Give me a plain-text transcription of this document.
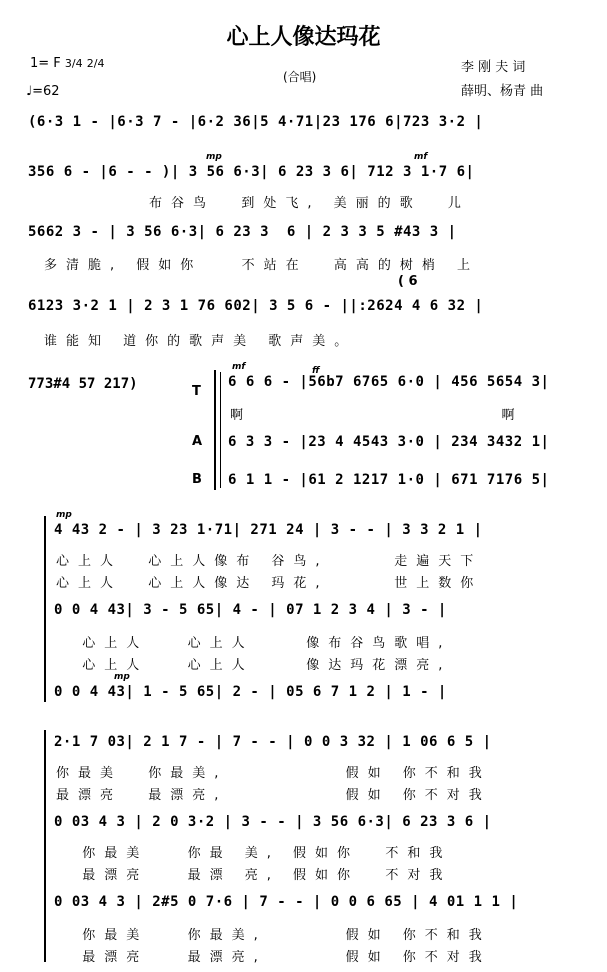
心上人像达玛花
1= F 3/4 2/4
♩=62
(合唱)
李 刚 夫 词
薛明、杨青 曲
(6·3 1 - |6·3 7 - |6·2 36|5 4·71|23 176 6|723 3·2 |
mp	mf
356 6 - |6 - - )| 3 56 6·3| 6 23 3 6| 712 3 1·7 6|
布谷鸟  到处飞, 美丽的歌  儿
5662 3 - | 3 56 6·3| 6 23 3  6 | 2 3 3 5 #43 3 |
多清脆, 假如你   不站在  高高的树梢 上
( 6
6123 3·2 1 | 2 3 1 76 602| 3 5 6 - ||:2624 4 6 32 |
谁能知 道你的歌声美 歌声美。
773#4 57 217)	T
A
B
mf	ff
6 6 6 - |56b7 6765 6·0 | 456 5654 3|
啊                   啊
6 3 3 - |23 4 4543 3·0 | 234 3432 1|
6 1 1 - |61 2 1217 1·0 | 671 7176 5|
mp
4 43 2 - | 3 23 1·71| 271 24 | 3 - - | 3 3 2 1 |
心上人  心上人像布 谷鸟,     走遍天下
心上人  心上人像达 玛花,     世上数你
0 0 4 43| 3 - 5 65| 4 - | 07 1 2 3 4 | 3 - |
心上人   心上人    像布谷鸟歌唱,
心上人   心上人    像达玛花漂亮,
mp
0 0 4 43| 1 - 5 65| 2 - | 05 6 7 1 2 | 1 - |
2·1 7 03| 2 1 7 - | 7 - - | 0 0 3 32 | 1 06 6 5 |
你最美  你最美,         假如 你不和我
最漂亮  最漂亮,         假如 你不对我
0 03 4 3 | 2 0 3·2 | 3 - - | 3 56 6·3| 6 23 3 6 |
你最美   你最 美, 假如你  不和我
最漂亮   最漂 亮, 假如你  不对我
0 03 4 3 | 2#5 0 7·6 | 7 - - | 0 0 6 65 | 4 01 1 1 |
你最美   你最美,      假如 你不和我
最漂亮   最漂亮,      假如 你不对我
